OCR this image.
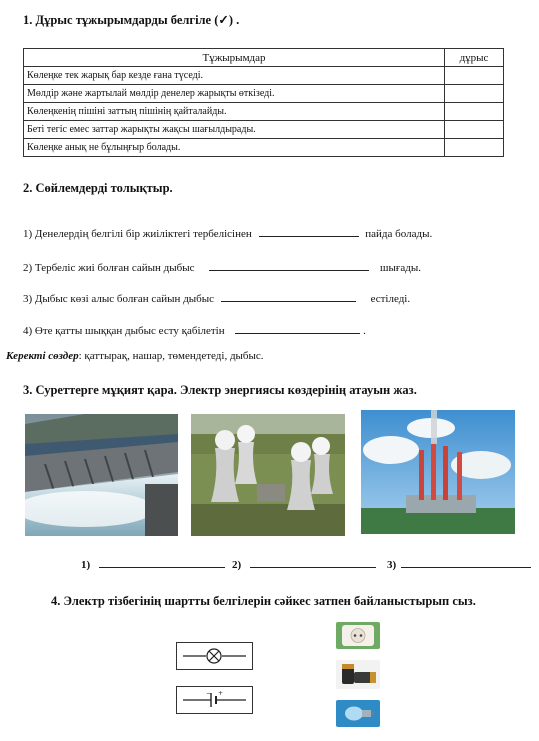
1. Дұрыс тұжырымдарды белгіле (✓) .
Тұжырымдар	дұрыс
Көлеңке тек жарық бар кезде ғана түседі.	
Мөлдір және жартылай мөлдір денелер жарықты өткізеді.	
Көлеңкенің пішіні заттың пішінің қайталайды.	
Беті тегіс емес заттар жарықты жақсы шағылдырады.	
Көлеңке анық не бұлыңғыр болады.	
2. Сөйлемдерді толықтыр.
1) Денелердің белгілі бір жиіліктегі тербелісінен	пайда болады.
2) Тербеліс жиі болған сайын дыбыс	шығады.
3) Дыбыс көзі алыс болған сайын дыбыс	естіледі.
4) Өте қатты шыққан дыбыс есту қабілетін	.
Керекті сөздер: қаттырақ, нашар, төмендетеді, дыбыс.
3. Суреттерге мұқият қара. Электр энергиясы көздерінің атауын жаз.
1)	2)	3)
4. Электр тізбегінің шартты белгілерін сәйкес затпен байланыстырып сыз.
− +
